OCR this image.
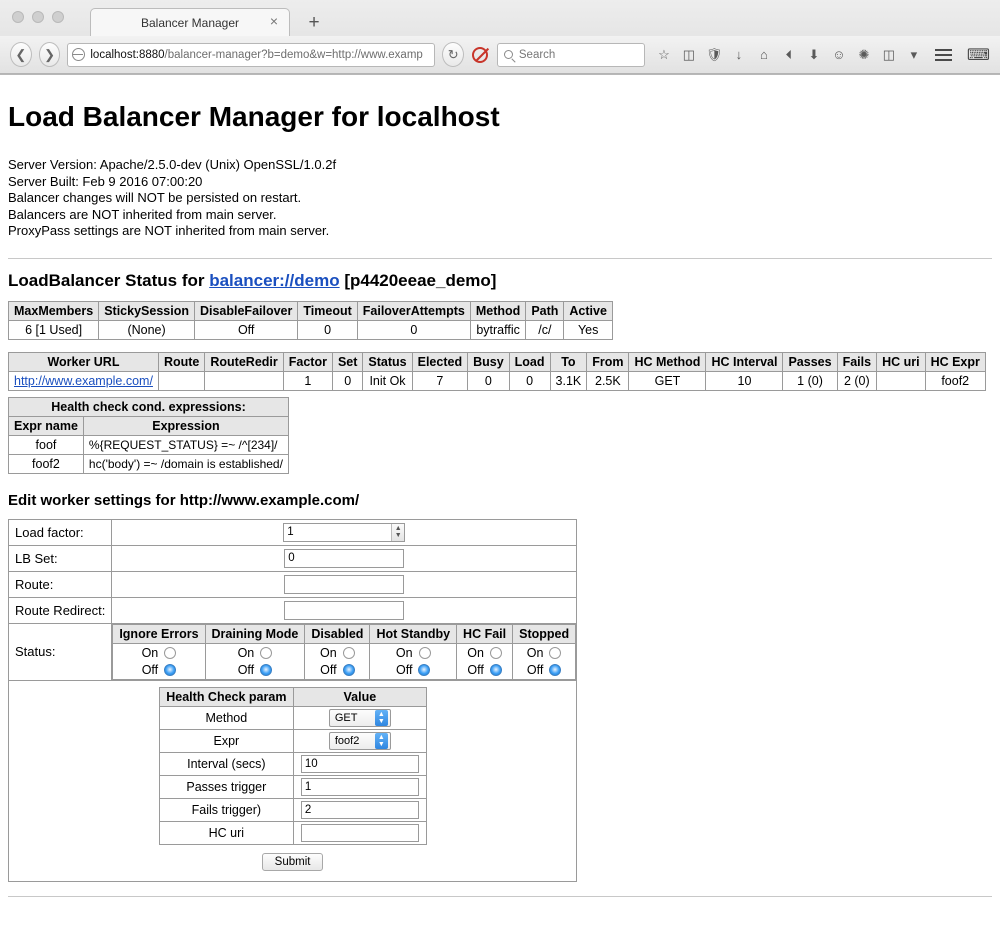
Balancer Manager × +
❮	❯	localhost:8880/balancer-manager?b=demo&w=http://www.examp	↻	Search	☆ ◫ 🛡	↓	⌂	⏴	⬇ ☺ ✺ ◫	▾	⌨
Load Balancer Manager for localhost
Server Version: Apache/2.5.0-dev (Unix) OpenSSL/1.0.2f
Server Built: Feb 9 2016 07:00:20
Balancer changes will NOT be persisted on restart.
Balancers are NOT inherited from main server.
ProxyPass settings are NOT inherited from main server.
LoadBalancer Status for balancer://demo [p4420eeae_demo]
MaxMembers	StickySession	DisableFailover	Timeout	FailoverAttempts	Method	Path	Active
6 [1 Used]	(None)	Off	0	0	bytraffic	/c/	Yes
Worker URL	Route	RouteRedir	Factor	Set	Status	Elected	Busy	Load	To	From	HC Method	HC Interval	Passes	Fails	HC uri	HC Expr
http://www.example.com/			1	0	Init Ok	7	0	0	3.1K	2.5K	GET	10	1 (0)	2 (0)		foof2
Health check cond. expressions:	
Expr name	Expression
foof	%{REQUEST_STATUS} =~ /^[234]/
foof2	hc('body') =~ /domain is established/
Edit worker settings for http://www.example.com/
Load factor:	1▲
▼

LB Set:	0
Route:	
Route Redirect:	
Status:	
Ignore Errors	Draining Mode	Disabled	Hot Standby	HC Fail	Stopped

On
Off

On
Off

On
Off

On
Off

On
Off

On
Off

Health Check param	Value
Method	GET	▲
▼

Expr	foof2	▲
▼

Interval (secs)	10
Passes trigger	1
Fails trigger)	2
HC uri	
Submit
